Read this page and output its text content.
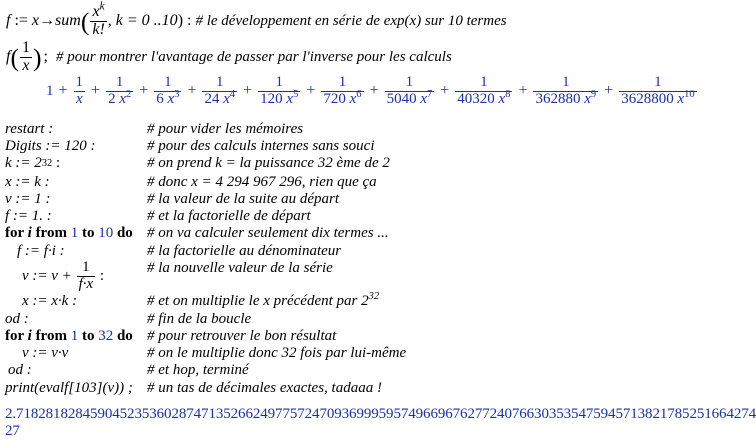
f := x → sum ( $\frac{x^k}{k!}$ , k = 0 ..10 ) : # le développement en série de exp(x) sur 10 termes
f ( $\frac{1}{x}$ ) ; # pour montrer l'avantage de passer par l'inverse pour les calculs
$1 + \frac{1}{x} + \frac{1}{2 x^2} + \frac{1}{6 x^3} + \frac{1}{24 x^4} + \frac{1}{120 x^5} + \frac{1}{720 x^6} + \frac{1}{5040 x^7} + \frac{1}{40320 x^8} + \frac{1}{362880 x^9} + \frac{1}{3628800 x^{10}}$
restart :	# pour vider les mémoires
Digits := 120 :	# pour des calculs internes sans souci
k := 2 32 :	# on prend k = la puissance 32 ème de 2
x := k :	# donc x = 4 294 967 296, rien que ça
v := 1 :	# la valeur de la suite au départ
f := 1. :	# et la factorielle de départ
for i from 1 to 10 do # on va calculer seulement dix termes ...
f := f·i :	# la factorielle au dénominateur
v := $v + \frac{1}{f\cdot x}$ :	# la nouvelle valeur de la série
x := x·k :	# et on multiplie le x précédent par $2^{32}$
od :	# fin de la boucle
for i from 1 to 32 do # pour retrouver le bon résultat
v := v·v	# on le multiplie donc 32 fois par lui-même
od :	# et hop, terminé
print(evalf[103](v)) ; # un tas de décimales exactes, tadaaa !
2.7182818284590452353602874713526624977572470936999595749669676277240766303535475945713821785251664274 27
